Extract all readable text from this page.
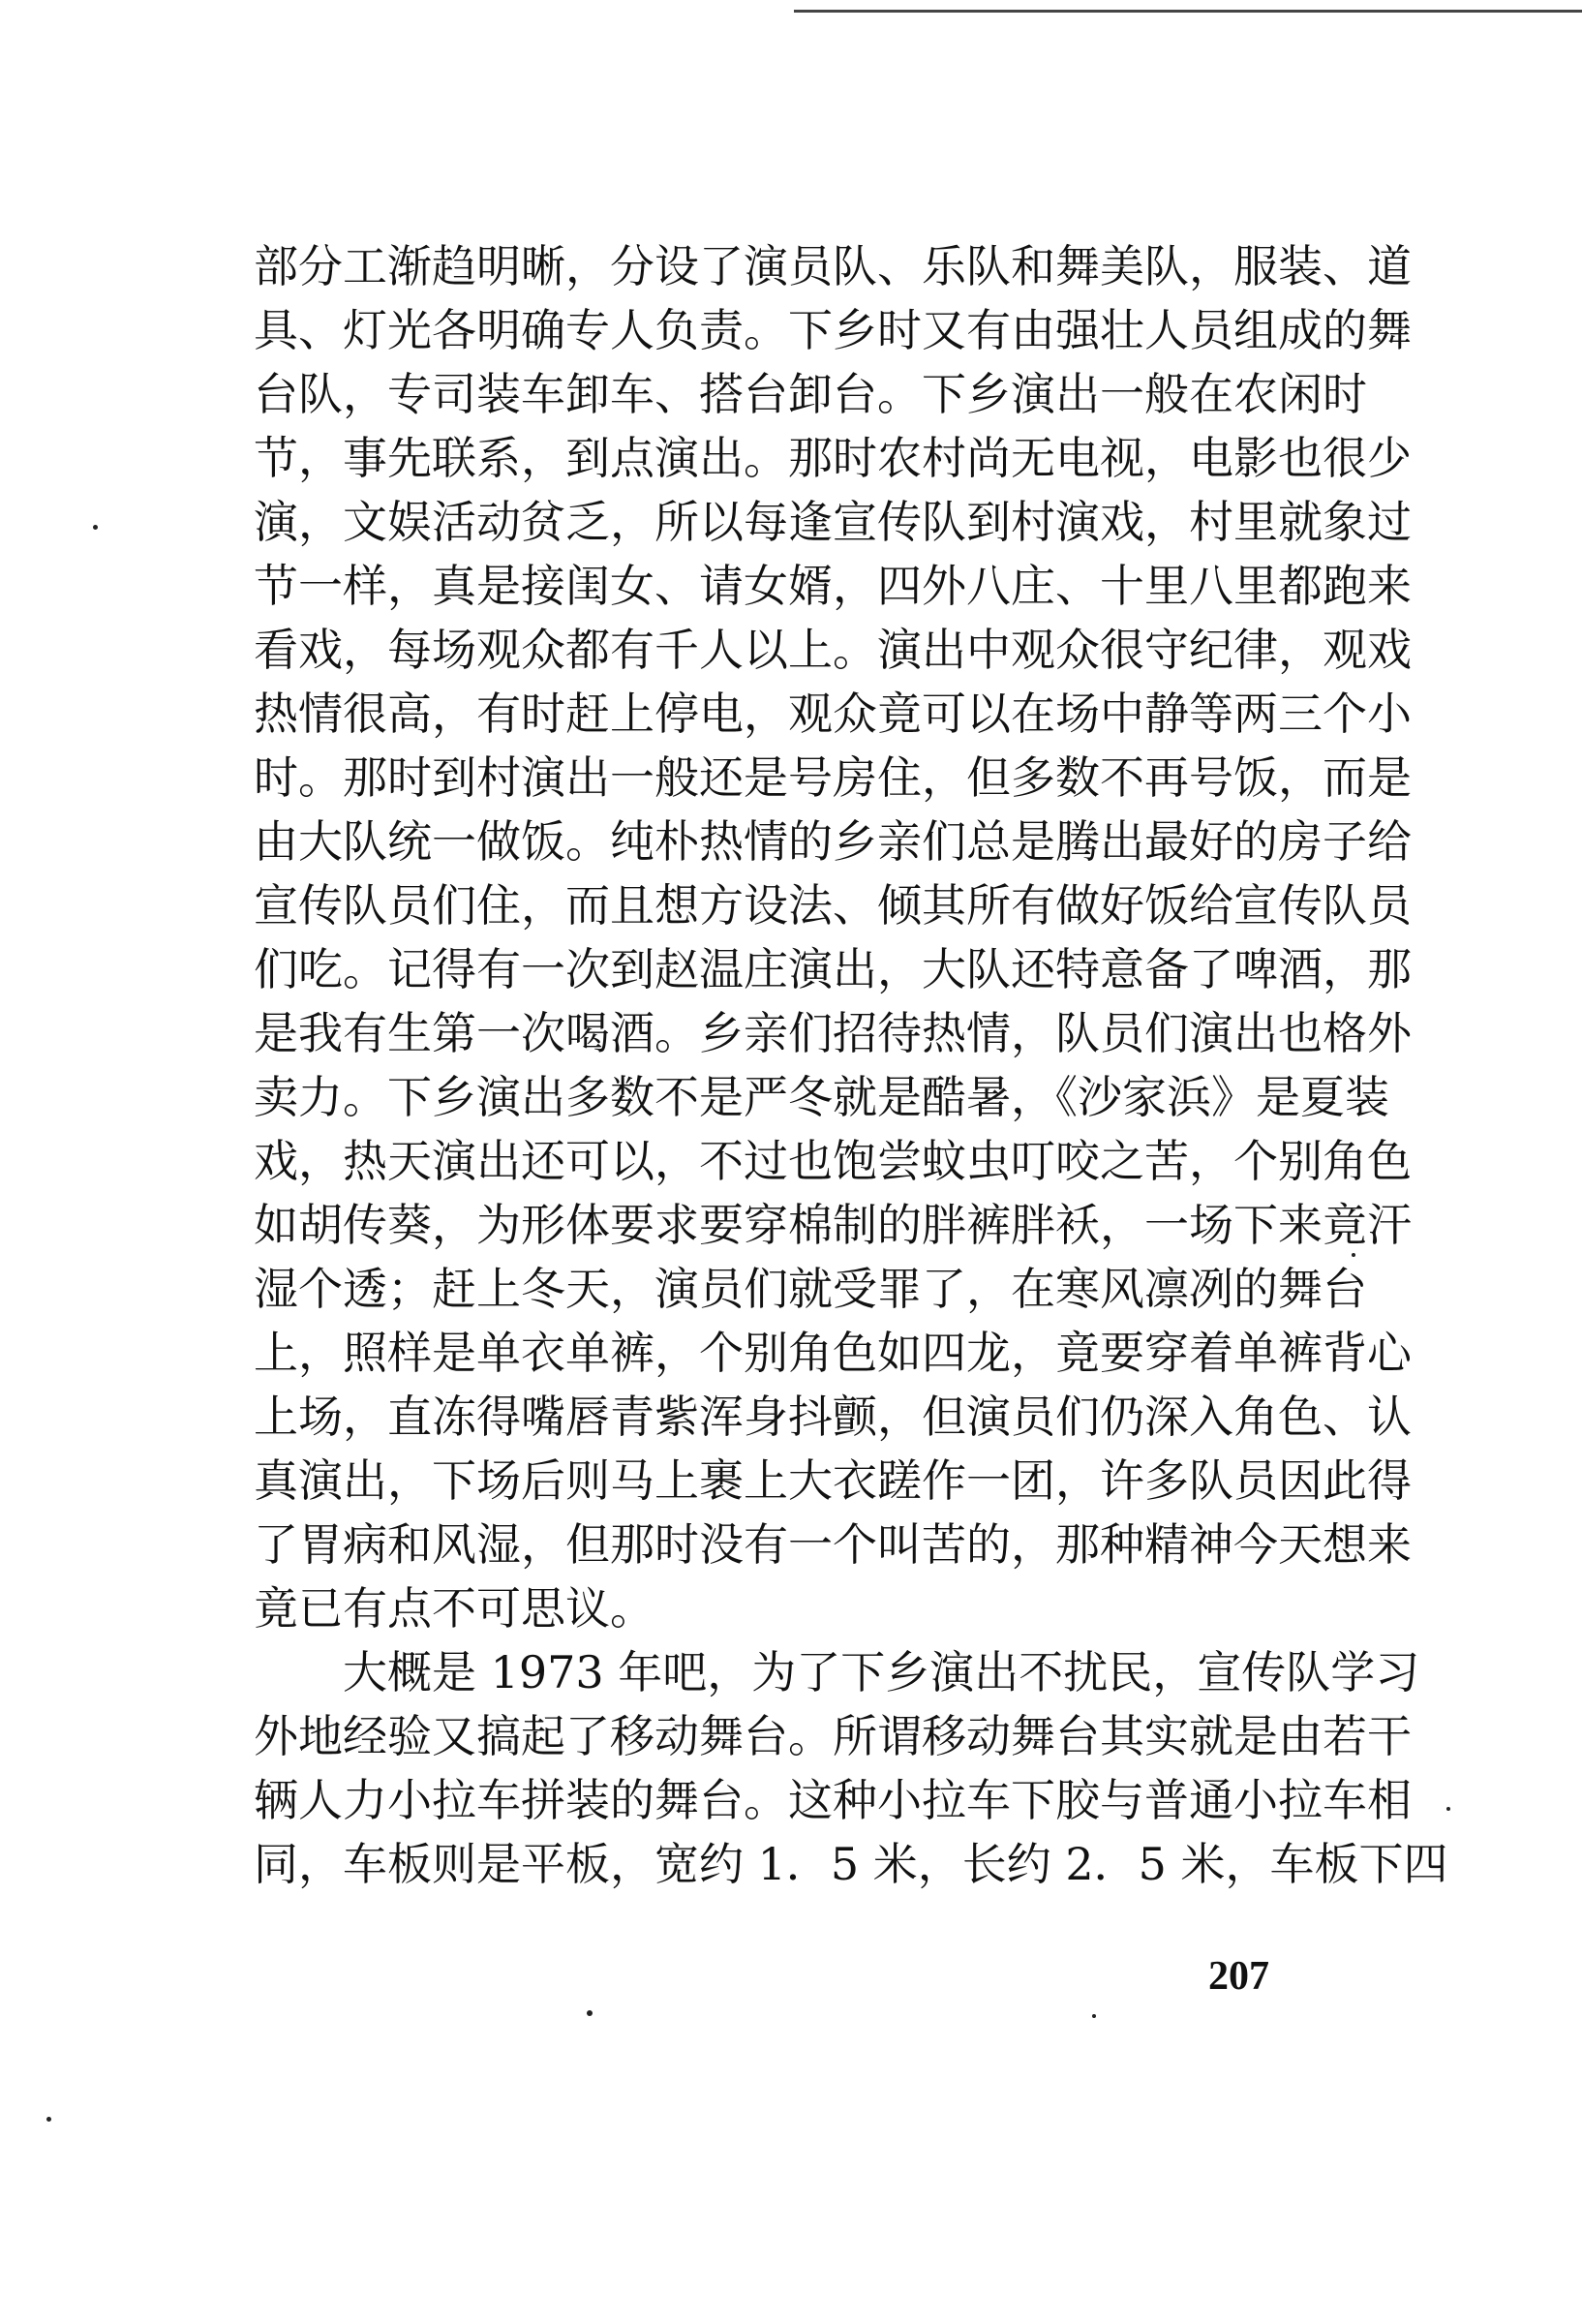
部分工渐趋明晰，分设了演员队、乐队和舞美队，服装、道
具、灯光各明确专人负责。下乡时又有由强壮人员组成的舞
台队，专司装车卸车、搭台卸台。下乡演出一般在农闲时
节，事先联系，到点演出。那时农村尚无电视，电影也很少
演，文娱活动贫乏，所以每逢宣传队到村演戏，村里就象过
节一样，真是接闺女、请女婿，四外八庄、十里八里都跑来
看戏，每场观众都有千人以上。演出中观众很守纪律，观戏
热情很高，有时赶上停电，观众竟可以在场中静等两三个小
时。那时到村演出一般还是号房住，但多数不再号饭，而是
由大队统一做饭。纯朴热情的乡亲们总是腾出最好的房子给
宣传队员们住，而且想方设法、倾其所有做好饭给宣传队员
们吃。记得有一次到赵温庄演出，大队还特意备了啤酒，那
是我有生第一次喝酒。乡亲们招待热情，队员们演出也格外
卖力。下乡演出多数不是严冬就是酷暑，《沙家浜》是夏装
戏，热天演出还可以，不过也饱尝蚊虫叮咬之苦，个别角色
如胡传葵，为形体要求要穿棉制的胖裤胖袄，一场下来竟汗
湿个透；赶上冬天，演员们就受罪了，在寒风凛冽的舞台
上，照样是单衣单裤，个别角色如四龙，竟要穿着单裤背心
上场，直冻得嘴唇青紫浑身抖颤，但演员们仍深入角色、认
真演出，下场后则马上裹上大衣蹉作一团，许多队员因此得
了胃病和风湿，但那时没有一个叫苦的，那种精神今天想来
竟已有点不可思议。
大概是 1973 年吧，为了下乡演出不扰民，宣传队学习
外地经验又搞起了移动舞台。所谓移动舞台其实就是由若干
辆人力小拉车拼装的舞台。这种小拉车下胶与普通小拉车相
同，车板则是平板，宽约 1．5 米，长约 2．5 米，车板下四
207
